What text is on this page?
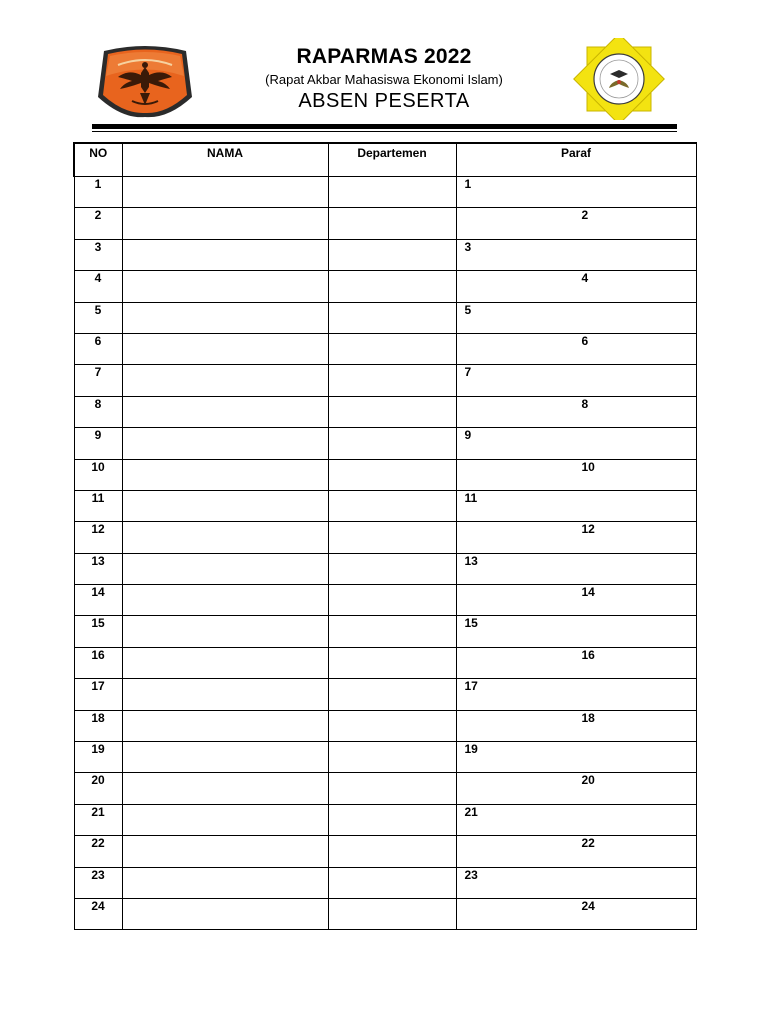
RAPARMAS 2022
(Rapat Akbar Mahasiswa Ekonomi Islam)
ABSEN PESERTA
NO	NAMA	Departemen	Paraf
1			1
2			2
3			3
4			4
5			5
6			6
7			7
8			8
9			9
10			10
11			11
12			12
13			13
14			14
15			15
16			16
17			17
18			18
19			19
20			20
21			21
22			22
23			23
24			24
